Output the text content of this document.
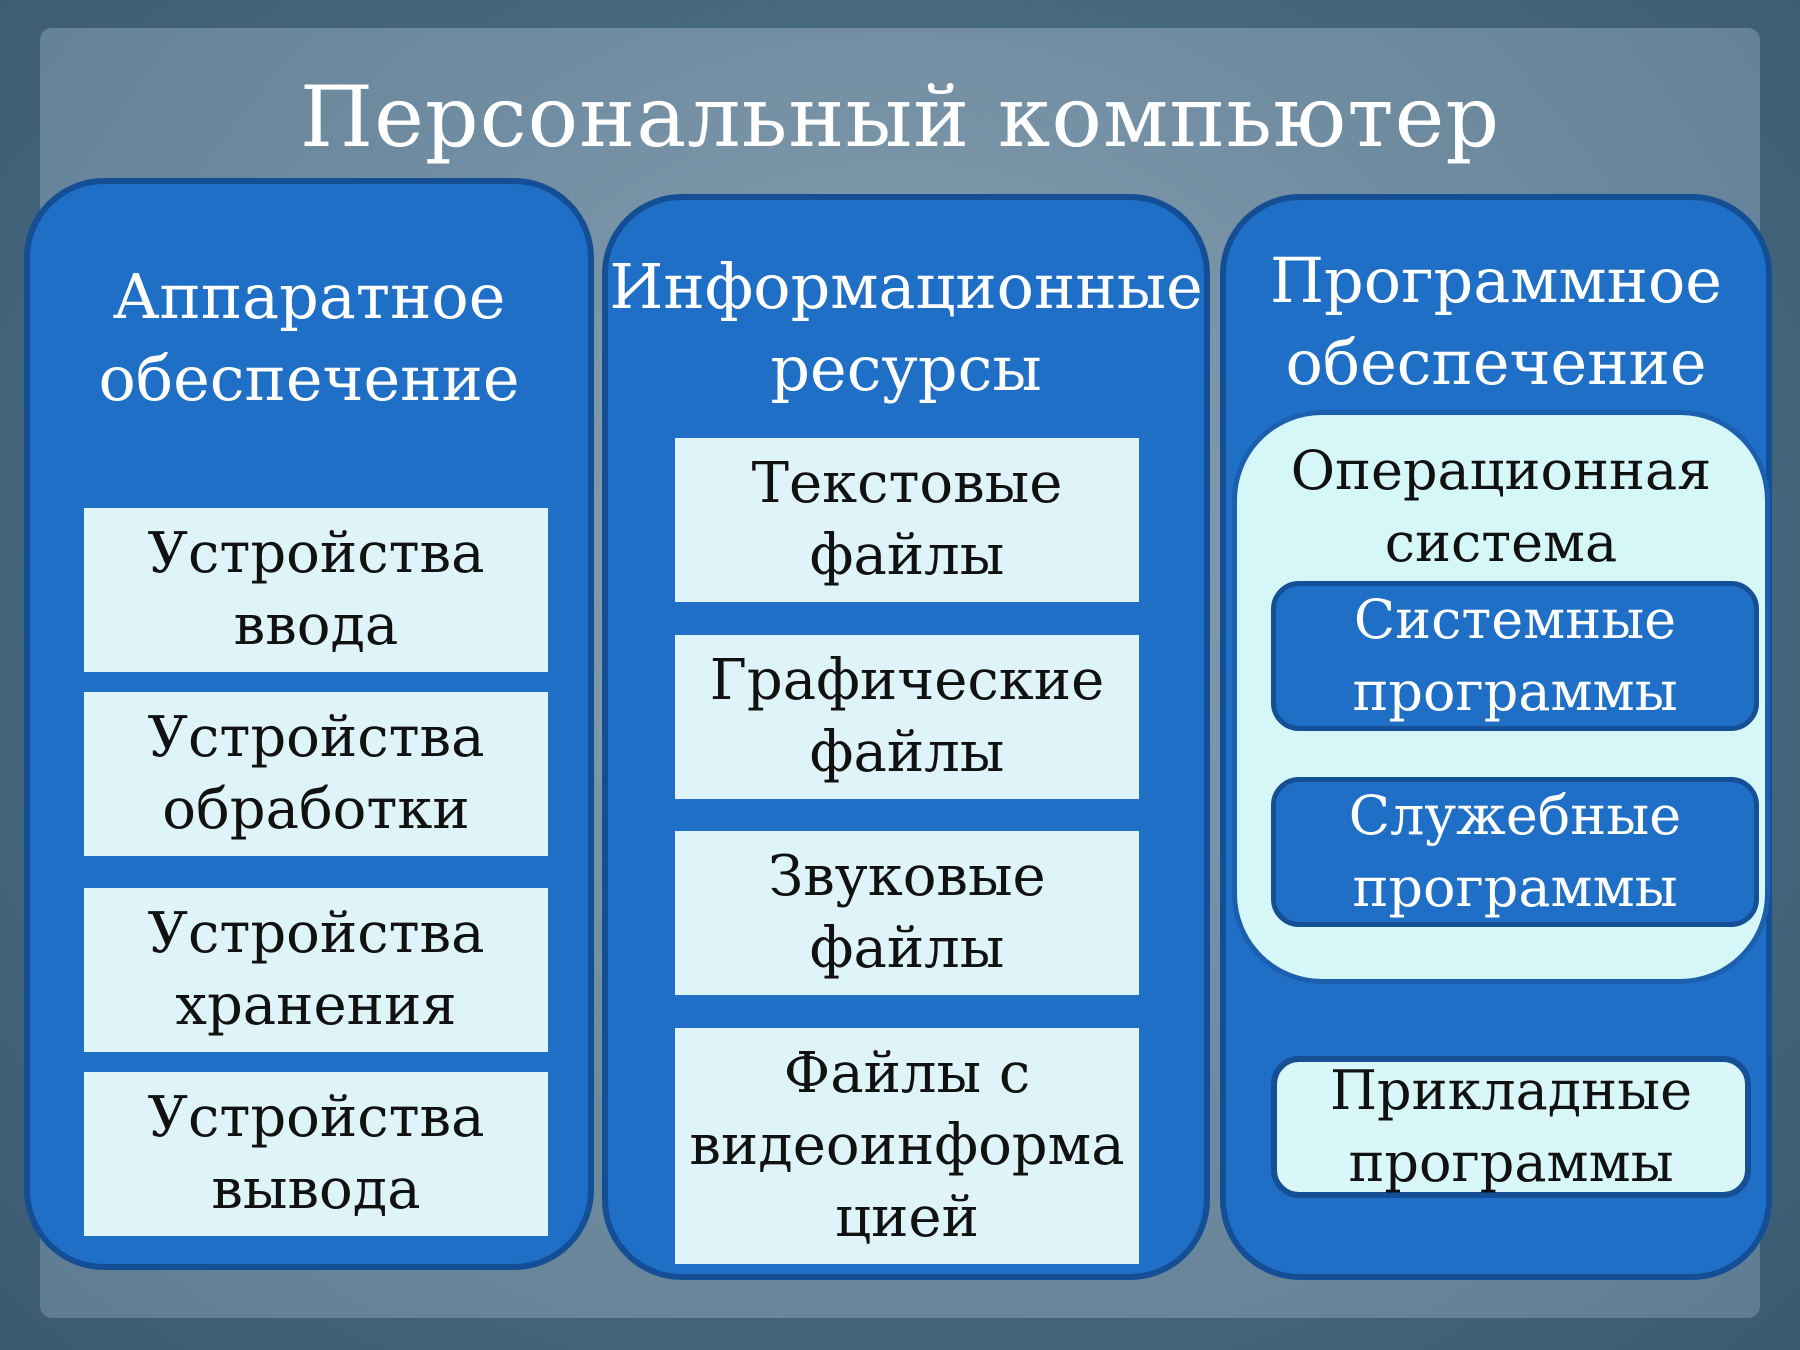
Персональный компьютер
Аппаратное
обеспечение
Устройства
ввода
Устройства
обработки
Устройства
хранения
Устройства
вывода
Информационные
ресурсы
Текстовые
файлы
Графические
файлы
Звуковые
файлы
Файлы с
видеоинформа
цией
Программное
обеспечение
Операционная
система
Системные
программы
Служебные
программы
Прикладные
программы
